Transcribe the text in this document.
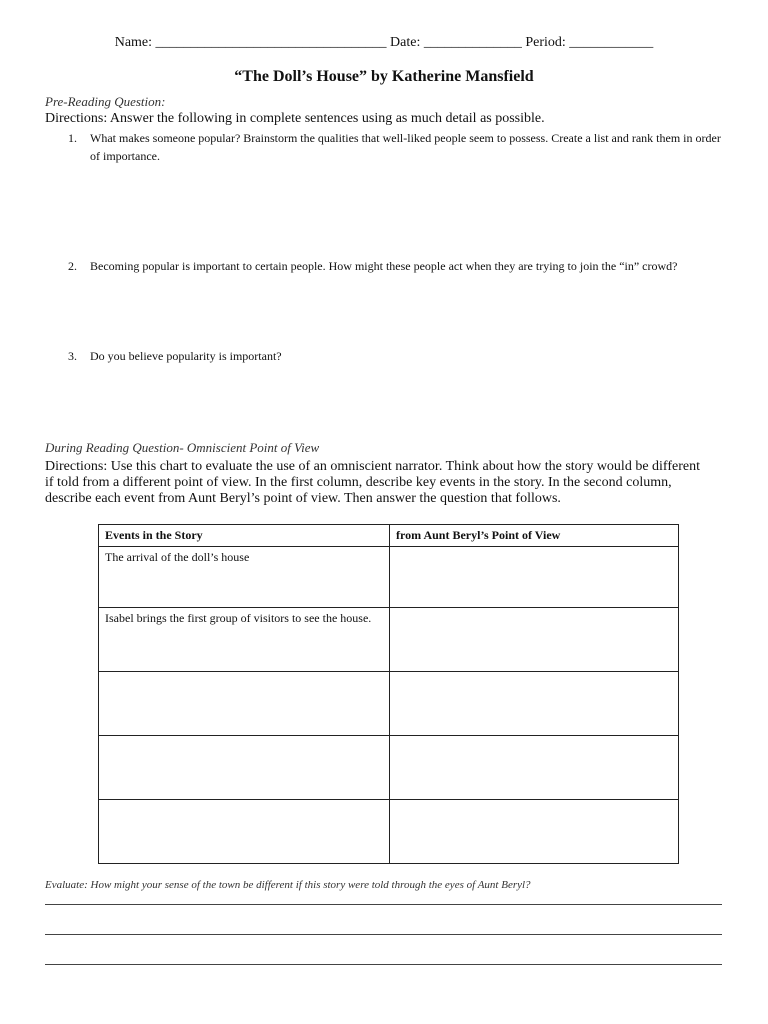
Name: _________________________________ Date: ______________ Period: ____________
“The Doll’s House” by Katherine Mansfield
Pre-Reading Question:
Directions: Answer the following in complete sentences using as much detail as possible.
1.	What makes someone popular? Brainstorm the qualities that well-liked people seem to possess. Create a list and rank them in order of importance.
2.	Becoming popular is important to certain people. How might these people act when they are trying to join the “in” crowd?
3.	Do you believe popularity is important?
During Reading Question- Omniscient Point of View
Directions: Use this chart to evaluate the use of an omniscient narrator. Think about how the story would be different if told from a different point of view. In the first column, describe key events in the story. In the second column, describe each event from Aunt Beryl’s point of view. Then answer the question that follows.
Events in the Story	from Aunt Beryl’s Point of View
The arrival of the doll’s house	
Isabel brings the first group of visitors to see the house.	

Evaluate: How might your sense of the town be different if this story were told through the eyes of Aunt Beryl?
